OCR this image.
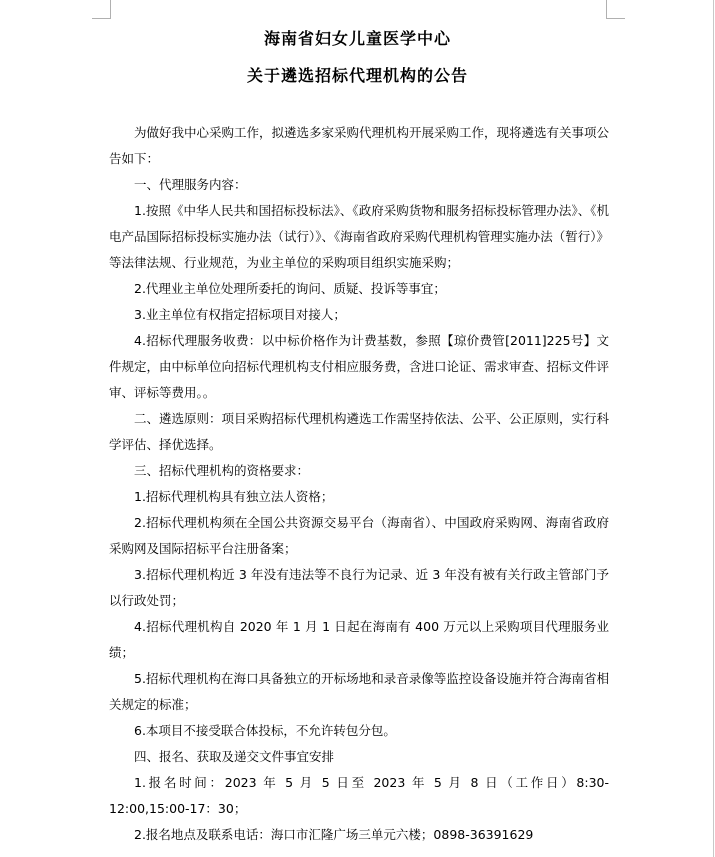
海南省妇女儿童医学中心
关于遴选招标代理机构的公告

为做好我中心采购工作，拟遴选多家采购代理机构开展采购工作，现将遴选有关事项公告如下：

一、代理服务内容：

1.按照《中华人民共和国招标投标法》、《政府采购货物和服务招标投标管理办法》、《机电产品国际招标投标实施办法（试行）》、《海南省政府采购代理机构管理实施办法（暂行）》等法律法规、行业规范，为业主单位的采购项目组织实施采购；

2.代理业主单位处理所委托的询问、质疑、投诉等事宜；

3.业主单位有权指定招标项目对接人；

4.招标代理服务收费：以中标价格作为计费基数，参照【琼价费管[2011]225号】文件规定，由中标单位向招标代理机构支付相应服务费，含进口论证、需求审查、招标文件评审、评标等费用。。

二、遴选原则：项目采购招标代理机构遴选工作需坚持依法、公平、公正原则，实行科学评估、择优选择。

三、招标代理机构的资格要求：

1.招标代理机构具有独立法人资格；

2.招标代理机构须在全国公共资源交易平台（海南省）、中国政府采购网、海南省政府采购网及国际招标平台注册备案；

3.招标代理机构近 3 年没有违法等不良行为记录、近 3 年没有被有关行政主管部门予以行政处罚；

4.招标代理机构自 2020 年 1 月 1 日起在海南有 400 万元以上采购项目代理服务业绩；

5.招标代理机构在海口具备独立的开标场地和录音录像等监控设备设施并符合海南省相关规定的标准；

6.本项目不接受联合体投标，不允许转包分包。

四、报名、获取及递交文件事宜安排

1.报名时间：2023 年 5 月 5 日至 2023 年 5 月 8 日（工作日）8:30-12:00,15:00-17：30；

2.报名地点及联系电话：海口市汇隆广场三单元六楼；0898-36391629
